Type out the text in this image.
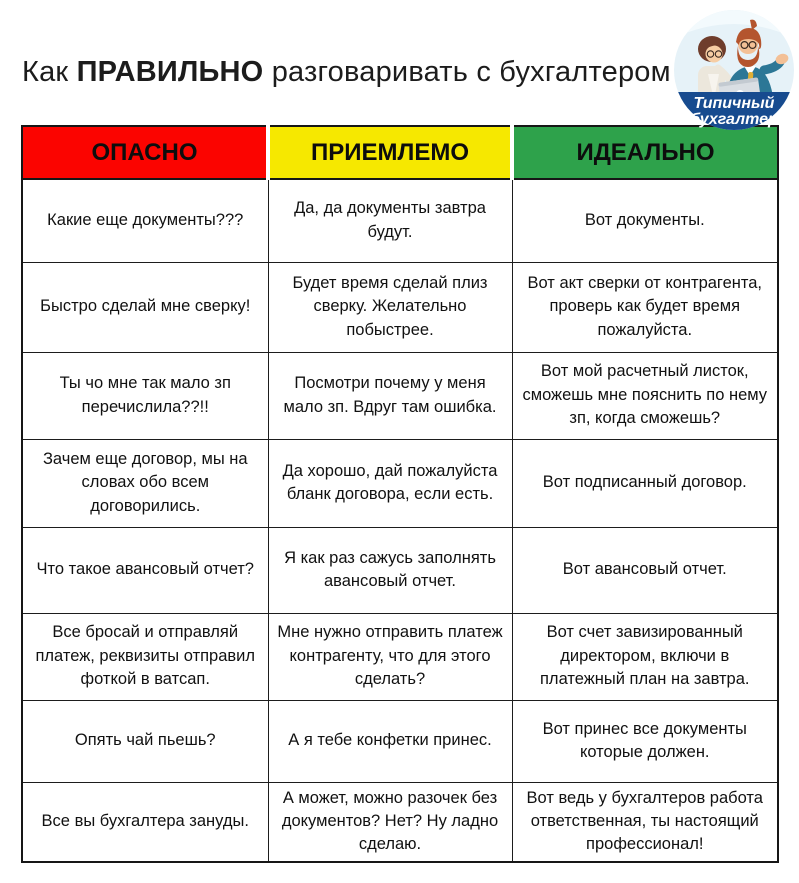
Как ПРАВИЛЬНО разговаривать с бухгалтером
Типичный
бухгалтер
ОПАСНО	ПРИЕМЛЕМО	ИДЕАЛЬНО
Какие еще документы???	Да, да документы завтра будут.	Вот документы.
Быстро сделай мне сверку!	Будет время сделай плиз сверку. Желательно побыстрее.	Вот акт сверки от контрагента, проверь как будет время пожалуйста.
Ты чо мне так мало зп перечислила??!!	Посмотри почему у меня мало зп. Вдруг там ошибка.	Вот мой расчетный листок, сможешь мне пояснить по нему зп, когда сможешь?
Зачем еще договор, мы на словах обо всем договорились.	Да хорошо, дай пожалуйста бланк договора, если есть.	Вот подписанный договор.
Что такое авансовый отчет?	Я как раз сажусь заполнять авансовый отчет.	Вот авансовый отчет.
Все бросай и отправляй платеж, реквизиты отправил фоткой в ватсап.	Мне нужно отправить платеж контрагенту, что для этого сделать?	Вот счет завизированный директором, включи в платежный план на завтра.
Опять чай пьешь?	А я тебе конфетки принес.	Вот принес все документы которые должен.
Все вы бухгалтера зануды.	А может, можно разочек без документов? Нет? Ну ладно сделаю.	Вот ведь у бухгалтеров работа ответственная, ты настоящий профессионал!
